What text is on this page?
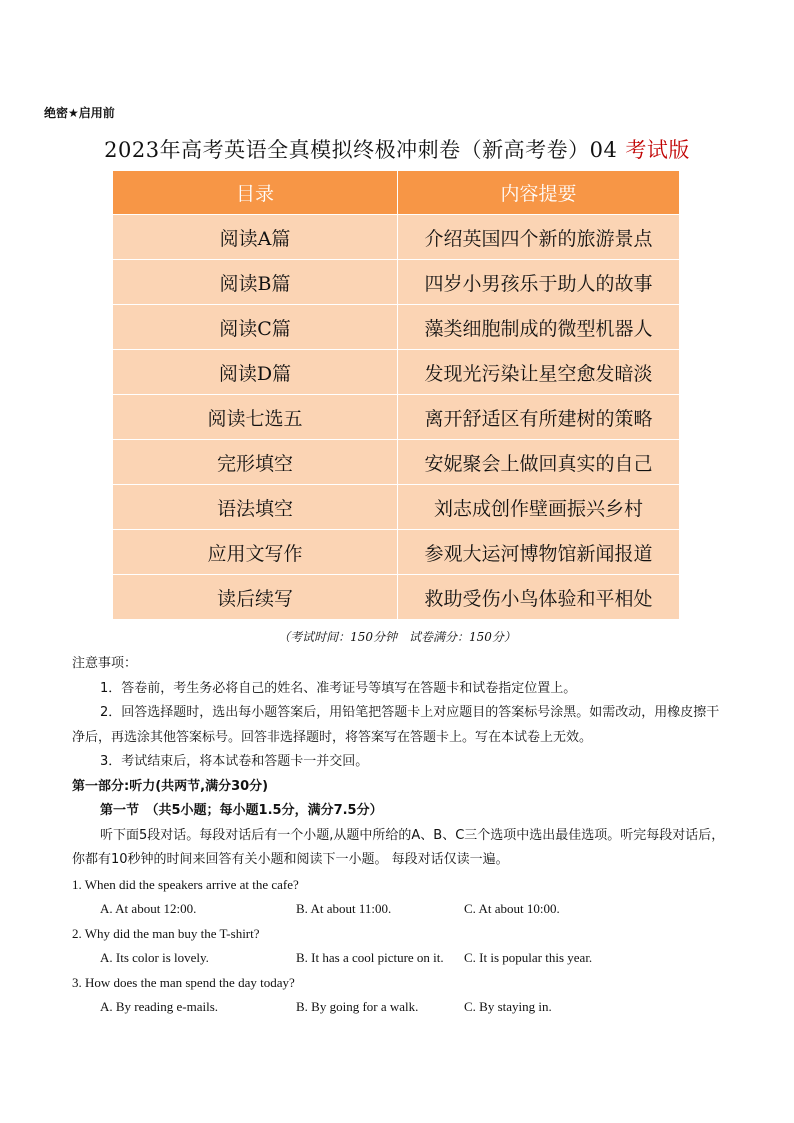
绝密★启用前
2023年高考英语全真模拟终极冲刺卷（新高考卷）04 考试版
目录	内容提要
阅读A篇	介绍英国四个新的旅游景点
阅读B篇	四岁小男孩乐于助人的故事
阅读C篇	藻类细胞制成的微型机器人
阅读D篇	发现光污染让星空愈发暗淡
阅读七选五	离开舒适区有所建树的策略
完形填空	安妮聚会上做回真实的自己
语法填空	刘志成创作壁画振兴乡村
应用文写作	参观大运河博物馆新闻报道
读后续写	救助受伤小鸟体验和平相处
（考试时间：150分钟　试卷满分：150分）

注意事项：

1．答卷前，考生务必将自己的姓名、准考证号等填写在答题卡和试卷指定位置上。

2．回答选择题时，选出每小题答案后，用铅笔把答题卡上对应题目的答案标号涂黑。如需改动，用橡皮擦干净后，再选涂其他答案标号。回答非选择题时，将答案写在答题卡上。写在本试卷上无效。

3．考试结束后，将本试卷和答题卡一并交回。

第一部分:听力(共两节,满分30分)

第一节　（共5小题；每小题1.5分，满分7.5分）

听下面5段对话。每段对话后有一个小题,从题中所给的A、B、C三个选项中选出最佳选项。听完每段对话后，你都有10秒钟的时间来回答有关小题和阅读下一小题。 每段对话仅读一遍。

1. When did the speakers arrive at the cafe?

A. At about 12:00.	B. At about 11:00.	C. At about 10:00.

2. Why did the man buy the T-shirt?

A. Its color is lovely.	B. It has a cool picture on it. C. It is popular this year.

3. How does the man spend the day today?

A. By reading e-mails.	B. By going for a walk.	C. By staying in.
